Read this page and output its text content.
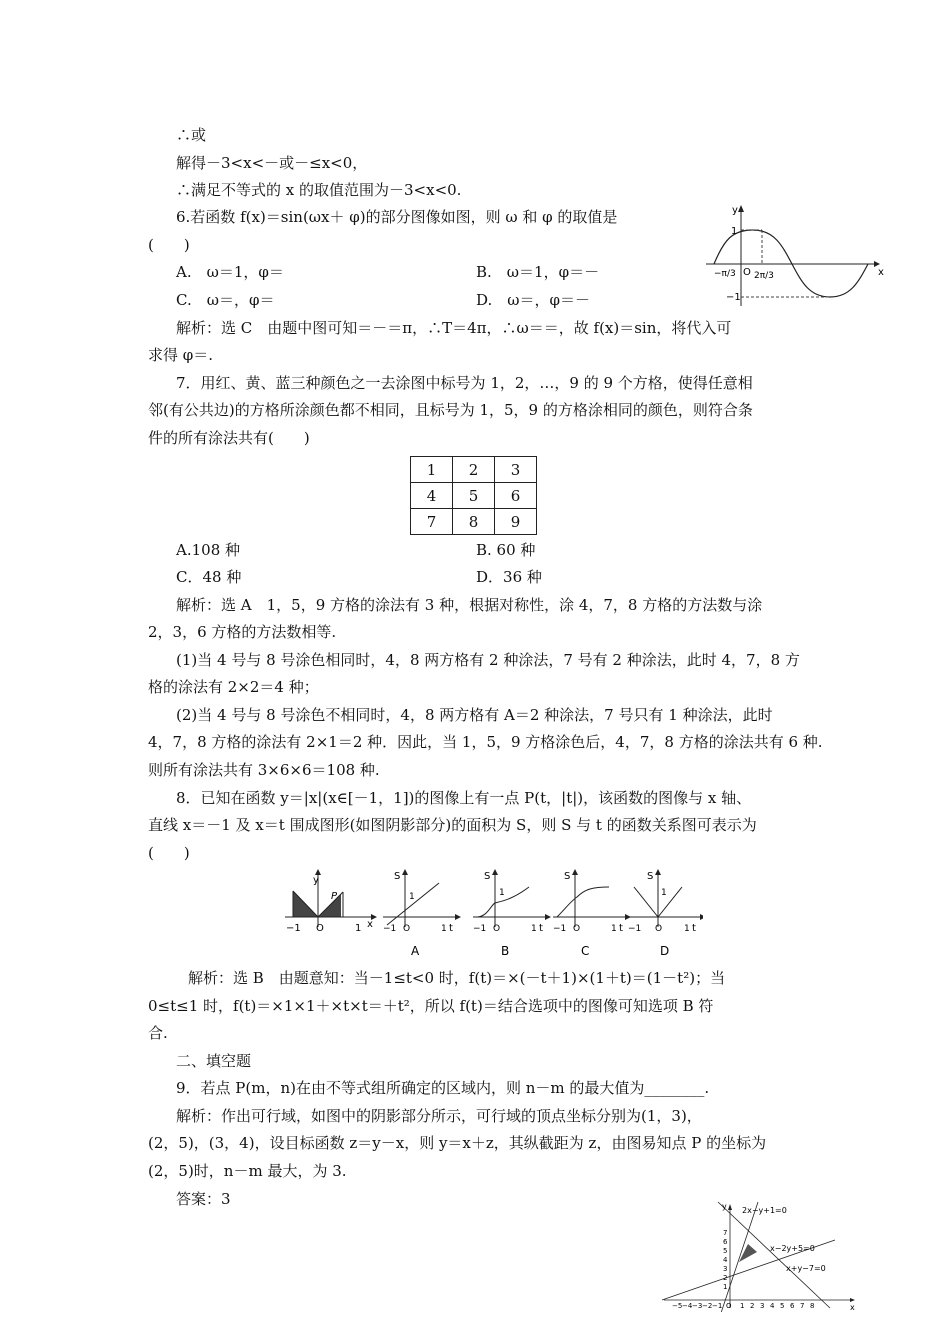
∴或
解得－3<x<－或－≤x<0，
∴满足不等式的 x 的取值范围为－3<x<0.
6.若函数 f(x)＝sin(ωx＋ φ)的部分图像如图，则 ω 和 φ 的取值是
(　　)
A.　ω＝1，φ＝	B.　ω＝1，φ＝－
C.　ω＝，φ＝	D.　ω＝，φ＝－
解析：选 C　由题中图可知＝－＝π，∴T＝4π，∴ω＝＝，故 f(x)＝sin，将代入可
求得 φ＝.
7．用红、黄、蓝三种颜色之一去涂图中标号为 1，2，…，9 的 9 个方格，使得任意相
邻(有公共边)的方格所涂颜色都不相同，且标号为 1，5，9 的方格涂相同的颜色，则符合条
件的所有涂法共有(　　)
1	2	3
4	5	6
7	8	9
A.108 种	B. 60 种
C．48 种	D．36 种
解析：选 A　1，5，9 方格的涂法有 3 种，根据对称性，涂 4，7，8 方格的方法数与涂
2，3，6 方格的方法数相等.
(1)当 4 号与 8 号涂色相同时，4，8 两方格有 2 种涂法，7 号有 2 种涂法，此时 4，7，8 方
格的涂法有 2×2＝4 种；
(2)当 4 号与 8 号涂色不相同时，4，8 两方格有 A＝2 种涂法，7 号只有 1 种涂法，此时
4，7，8 方格的涂法有 2×1＝2 种．因此，当 1，5，9 方格涂色后，4，7，8 方格的涂法共有 6 种.
则所有涂法共有 3×6×6＝108 种.
8．已知在函数 y＝|x|(x∈[－1，1])的图像上有一点 P(t，|t|)，该函数的图像与 x 轴、
直线 x＝－1 及 x＝t 围成图形(如图阴影部分)的面积为 S，则 S 与 t 的函数关系图可表示为
(　　)
解析：选 B　由题意知：当－1≤t<0 时，f(t)＝×(－t＋1)×(1＋t)＝(1－t²)；当
0≤t≤1 时，f(t)＝×1×1＋×t×t＝＋t²，所以 f(t)＝结合选项中的图像可知选项 B 符
合.
二、填空题
9．若点 P(m，n)在由不等式组所确定的区域内，则 n－m 的最大值为________.
解析：作出可行域，如图中的阴影部分所示，可行域的顶点坐标分别为(1，3)，
(2，5)，(3，4)，设目标函数 z＝y－x，则 y＝x＋z，其纵截距为 z，由图易知点 P 的坐标为
(2，5)时，n－m 最大，为 3.
答案：3
y
x
1
−1
O
−π/3 2π/3
y
P
−1 O	1 x
S
1
−1 O	1 t
A
S
1
−1 O	1 t
B
S
−1 O	1 t
C
S
1
−1 O 1 t
D
2x−y+1=0
x−2y+5=0
x+y−7=0
x
y
7
6
5
4
3
2
1
−5 −4 −3 −2 −1 O 1 2 3 4 5 6 7 8
